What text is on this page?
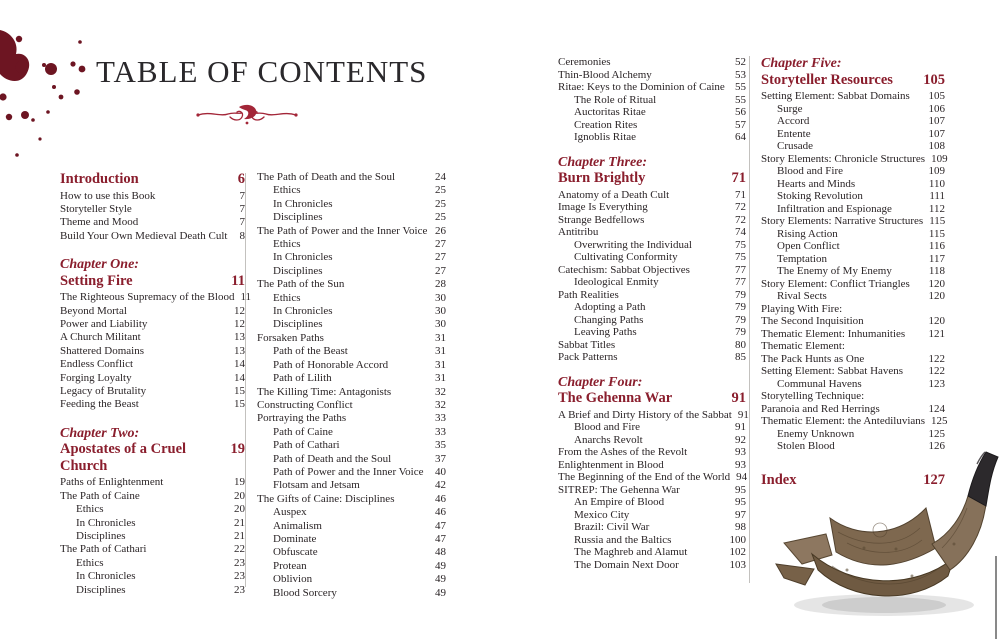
TABLE OF CONTENTS
Introduction	6
How to use this Book	7
Storyteller Style	7
Theme and Mood	7
Build Your Own Medieval Death Cult 8
Chapter One:
Setting Fire	11
The Righteous Supremacy of the Blood 11
Beyond Mortal	12
Power and Liability	12
A Church Militant	13
Shattered Domains	13
Endless Conflict	14
Forging Loyalty	14
Legacy of Brutality	15
Feeding the Beast	15
Chapter Two:
Apostates of a Cruel Church
19
Paths of Enlightenment	19
The Path of Caine	20
Ethics	20
In Chronicles	21
Disciplines	21
The Path of Cathari	22
Ethics	23
In Chronicles	23
Disciplines	23
The Path of Death and the Soul	24
Ethics	25
In Chronicles	25
Disciplines	25
The Path of Power and the Inner Voice 26
Ethics	27
In Chronicles	27
Disciplines	27
The Path of the Sun	28
Ethics	30
In Chronicles	30
Disciplines	30
Forsaken Paths	31
Path of the Beast	31
Path of Honorable Accord	31
Path of Lilith	31
The Killing Time: Antagonists	32
Constructing Conflict	32
Portraying the Paths	33
Path of Caine	33
Path of Cathari	35
Path of Death and the Soul	37
Path of Power and the Inner Voice 40
Flotsam and Jetsam	42
The Gifts of Caine: Disciplines	46
Auspex	46
Animalism	47
Dominate	47
Obfuscate	48
Protean	49
Oblivion	49
Blood Sorcery	49
Ceremonies	52
Thin-Blood Alchemy	53
Ritae: Keys to the Dominion of Caine 55
The Role of Ritual	55
Auctoritas Ritae	56
Creation Rites	57
Ignoblis Ritae	64
Chapter Three:
Burn Brightly	71
Anatomy of a Death Cult	71
Image Is Everything	72
Strange Bedfellows	72
Antitribu	74
Overwriting the Individual	75
Cultivating Conformity	75
Catechism: Sabbat Objectives	77
Ideological Enmity	77
Path Realities	79
Adopting a Path	79
Changing Paths	79
Leaving Paths	79
Sabbat Titles	80
Pack Patterns	85
Chapter Four:
The Gehenna War	91
A Brief and Dirty History of the Sabbat 91
Blood and Fire	91
Anarchs Revolt	92
From the Ashes of the Revolt	93
Enlightenment in Blood	93
The Beginning of the End of the World 94
SITREP: The Gehenna War	95
An Empire of Blood	95
Mexico City	97
Brazil: Civil War	98
Russia and the Baltics	100
The Maghreb and Alamut	102
The Domain Next Door	103
Chapter Five:
Storyteller Resources 105
Setting Element: Sabbat Domains 105
Surge	106
Accord	107
Entente	107
Crusade	108
Story Elements: Chronicle Structures 109
Blood and Fire	109
Hearts and Minds	110
Stoking Revolution	111
Infiltration and Espionage	112
Story Elements: Narrative Structures 115
Rising Action	115
Open Conflict	116
Temptation	117
The Enemy of My Enemy	118
Story Element: Conflict Triangles 120
Rival Sects	120
Playing With Fire:
The Second Inquisition	120
Thematic Element: Inhumanities 121
Thematic Element:
The Pack Hunts as One	122
Setting Element: Sabbat Havens 122
Communal Havens	123
Storytelling Technique:
Paranoia and Red Herrings	124
Thematic Element: the Antediluvians 125
Enemy Unknown	125
Stolen Blood	126
Index	127
